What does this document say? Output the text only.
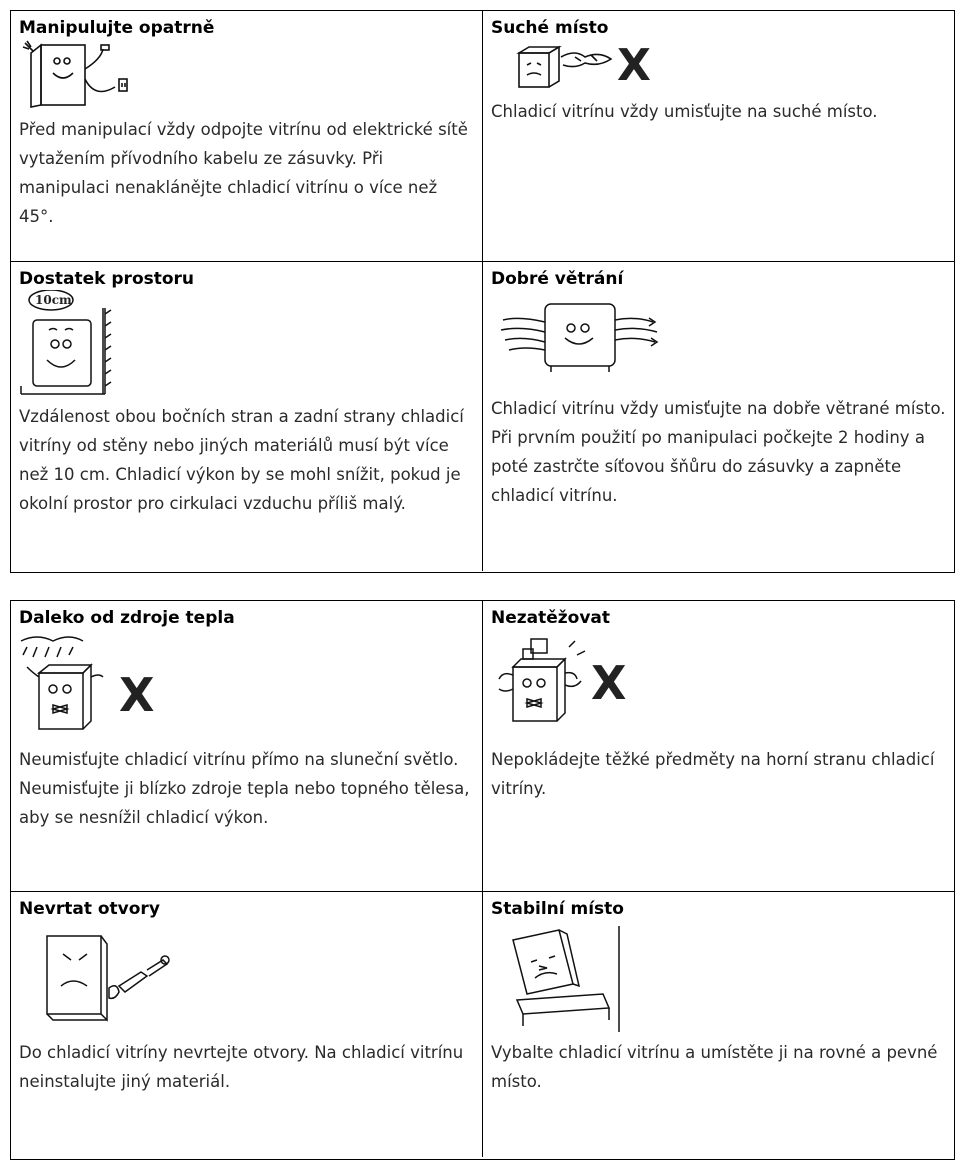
Manipulujte opatrně

Před manipulací vždy odpojte vitrínu od elektrické sítě vytažením přívodního kabelu ze zásuvky. Při manipulaci nenaklánějte chladicí vitrínu o více než 45°.

Suché místo
X

Chladicí vitrínu vždy umisťujte na suché místo.

Dostatek prostoru
10cm

Vzdálenost obou bočních stran a zadní strany chladicí vitríny od stěny nebo jiných materiálů musí být více než 10 cm. Chladicí výkon by se mohl snížit, pokud je okolní prostor pro cirkulaci vzduchu příliš malý.

Dobré větrání

Chladicí vitrínu vždy umisťujte na dobře větrané místo. Při prvním použití po manipulaci počkejte 2 hodiny a poté zastrčte síťovou šňůru do zásuvky a zapněte chladicí vitrínu.

Daleko od zdroje tepla
X

Neumisťujte chladicí vitrínu přímo na sluneční světlo. Neumisťujte ji blízko zdroje tepla nebo topného tělesa, aby se nesnížil chladicí výkon.

Nezatěžovat
X

Nepokládejte těžké předměty na horní stranu chladicí vitríny.

Nevrtat otvory

Do chladicí vitríny nevrtejte otvory. Na chladicí vitrínu neinstalujte jiný materiál.

Stabilní místo

Vybalte chladicí vitrínu a umístěte ji na rovné a pevné místo.
